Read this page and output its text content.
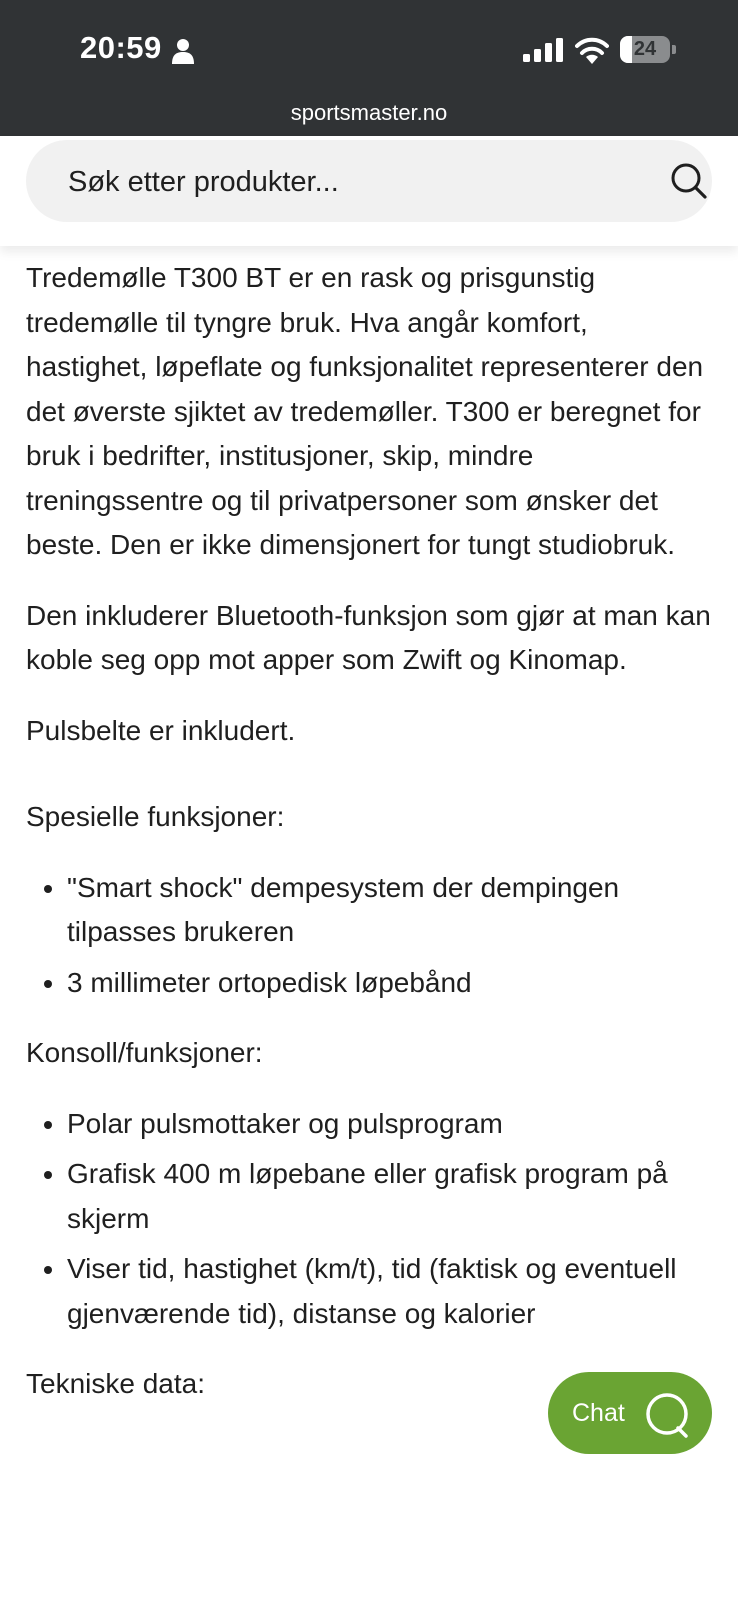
20:59	24
sportsmaster.no
Søk etter produkter...

Tredemølle T300 BT er en rask og prisgunstig tredemølle til tyngre bruk. Hva angår komfort, hastighet, løpeflate og funksjonalitet representerer den det øverste sjiktet av tredemøller. T300 er beregnet for bruk i bedrifter, institusjoner, skip, mindre treningssentre og til privatpersoner som ønsker det beste. Den er ikke dimensjonert for tungt studiobruk.

Den inkluderer Bluetooth-funksjon som gjør at man kan koble seg opp mot apper som Zwift og Kinomap.

Pulsbelte er inkludert.

Spesielle funksjoner:

• "Smart shock" dempesystem der dempingen tilpasses brukeren
• 3 millimeter ortopedisk løpebånd

Konsoll/funksjoner:

• Polar pulsmottaker og pulsprogram
• Grafisk 400 m løpebane eller grafisk program på skjerm
• Viser tid, hastighet (km/t), tid (faktisk og eventuell gjenværende tid), distanse og kalorier

Tekniske data:

Chat
